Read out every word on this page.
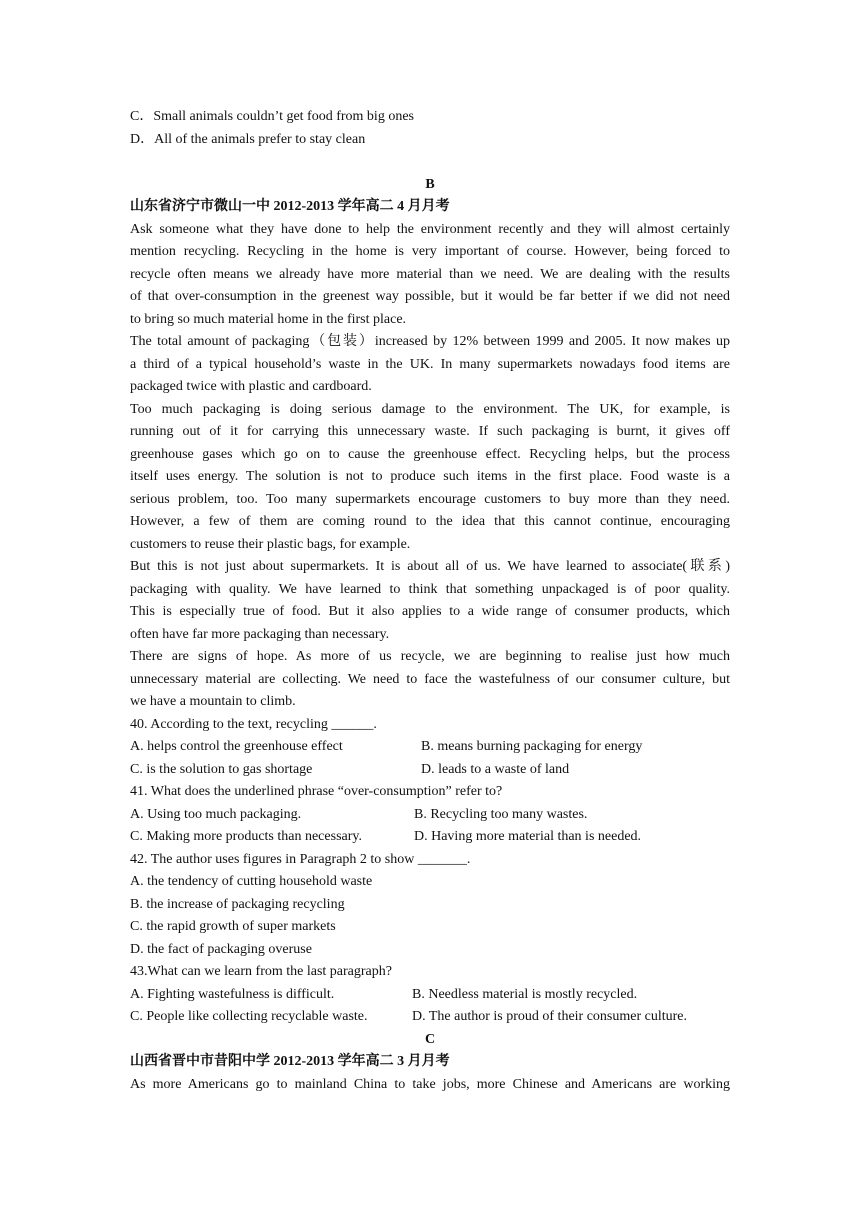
C．Small animals couldn’t get food from big ones
D．All of the animals prefer to stay clean
B
山东省济宁市微山一中 2012-2013 学年高二 4 月月考
Ask someone what they have done to help the environment recently and they will almost certainly
mention recycling. Recycling in the home is very important of course. However, being forced to
recycle often means we already have more material than we need. We are dealing with the results
of that over-consumption in the greenest way possible, but it would be far better if we did not need
to bring so much material home in the first place.
The total amount of packaging（包装）increased by 12% between 1999 and 2005. It now makes up
a third of a typical household’s waste in the UK. In many supermarkets nowadays food items are
packaged twice with plastic and cardboard.
Too much packaging is doing serious damage to the environment. The UK, for example, is
running out of it for carrying this unnecessary waste. If such packaging is burnt, it gives off
greenhouse gases which go on to cause the greenhouse effect. Recycling helps, but the process
itself uses energy. The solution is not to produce such items in the first place. Food waste is a
serious problem, too. Too many supermarkets encourage customers to buy more than they need.
However, a few of them are coming round to the idea that this cannot continue, encouraging
customers to reuse their plastic bags, for example.
But this is not just about supermarkets. It is about all of us. We have learned to associate(联系)
packaging with quality. We have learned to think that something unpackaged is of poor quality.
This is especially true of food. But it also applies to a wide range of consumer products, which
often have far more packaging than necessary.
There are signs of hope. As more of us recycle, we are beginning to realise just how much
unnecessary material are collecting. We need to face the wastefulness of our consumer culture, but
we have a mountain to climb.
40. According to the text, recycling ______.
A. helps control the greenhouse effect	B. means burning packaging for energy
C. is the solution to gas shortage	D. leads to a waste of land
41. What does the underlined phrase “over-consumption” refer to?
A. Using too much packaging.	B. Recycling too many wastes.
C. Making more products than necessary.	D. Having more material than is needed.
42. The author uses figures in Paragraph 2 to show _______.
A. the tendency of cutting household waste
B. the increase of packaging recycling
C. the rapid growth of super markets
D. the fact of packaging overuse
43.What can we learn from the last paragraph?
A. Fighting wastefulness is difficult.	B. Needless material is mostly recycled.
C. People like collecting recyclable waste.	D. The author is proud of their consumer culture.
C
山西省晋中市昔阳中学 2012-2013 学年高二 3 月月考
As more Americans go to mainland China to take jobs, more Chinese and Americans are working
